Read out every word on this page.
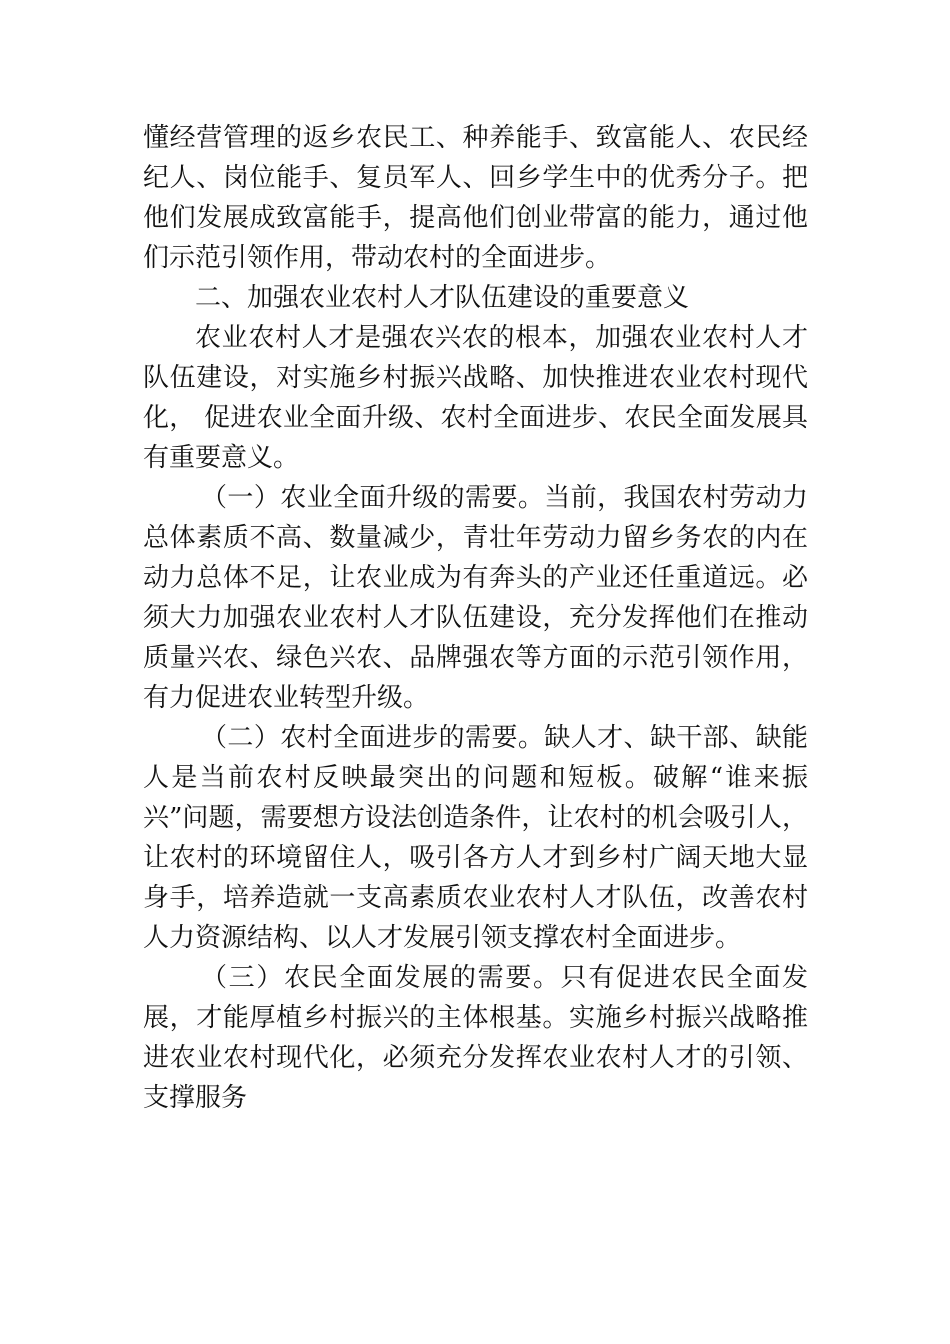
懂经营管理的返乡农民工、种养能手、致富能人、农民经纪人、岗位能手、复员军人、回乡学生中的优秀分子。把他们发展成致富能手，提高他们创业带富的能力，通过他们示范引领作用，带动农村的全面进步。

二、加强农业农村人才队伍建设的重要意义

农业农村人才是强农兴农的根本，加强农业农村人才队伍建设，对实施乡村振兴战略、加快推进农业农村现代化， 促进农业全面升级、农村全面进步、农民全面发展具有重要意义。

（一）农业全面升级的需要。当前，我国农村劳动力总体素质不高、数量减少，青壮年劳动力留乡务农的内在动力总体不足，让农业成为有奔头的产业还任重道远。必须大力加强农业农村人才队伍建设，充分发挥他们在推动质量兴农、绿色兴农、品牌强农等方面的示范引领作用，有力促进农业转型升级。

（二）农村全面进步的需要。缺人才、缺干部、缺能人是当前农村反映最突出的问题和短板。破解“谁来振兴”问题，需要想方设法创造条件，让农村的机会吸引人，让农村的环境留住人，吸引各方人才到乡村广阔天地大显身手，培养造就一支高素质农业农村人才队伍，改善农村人力资源结构、以人才发展引领支撑农村全面进步。

（三）农民全面发展的需要。只有促进农民全面发展，才能厚植乡村振兴的主体根基。实施乡村振兴战略推进农业农村现代化，必须充分发挥农业农村人才的引领、支撑服务
